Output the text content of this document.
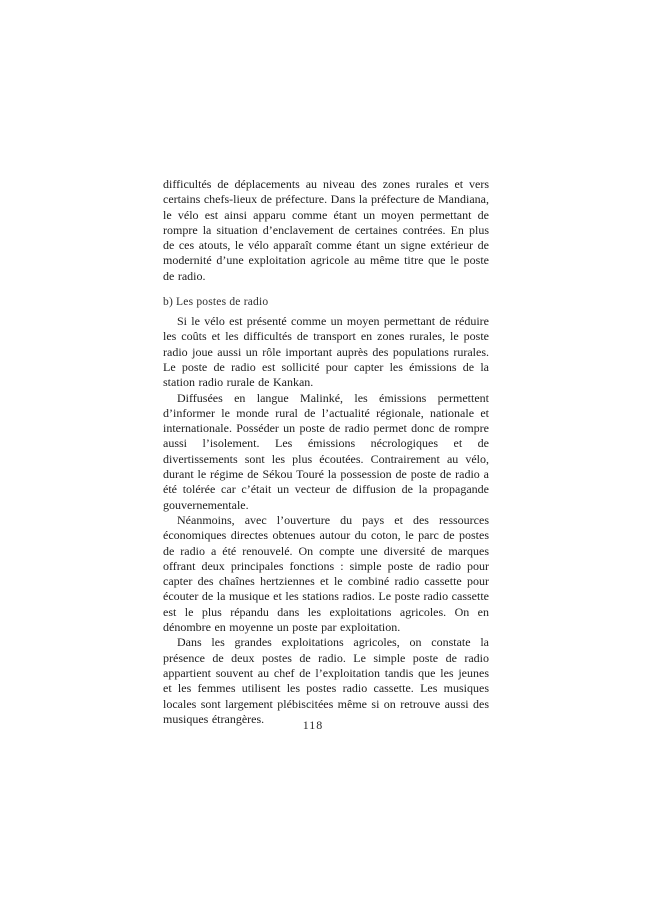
difficultés de déplacements au niveau des zones rurales et vers certains chefs-lieux de préfecture. Dans la préfecture de Mandiana, le vélo est ainsi apparu comme étant un moyen permettant de rompre la situation d’enclavement de certaines contrées. En plus de ces atouts, le vélo apparaît comme étant un signe extérieur de modernité d’une exploitation agricole au même titre que le poste de radio.

b) Les postes de radio

Si le vélo est présenté comme un moyen permettant de réduire les coûts et les difficultés de transport en zones rurales, le poste radio joue aussi un rôle important auprès des populations rurales. Le poste de radio est sollicité pour capter les émissions de la station radio rurale de Kankan.

Diffusées en langue Malinké, les émissions permettent d’informer le monde rural de l’actualité régionale, nationale et internationale. Posséder un poste de radio permet donc de rompre aussi l’isolement. Les émissions nécrologiques et de divertissements sont les plus écoutées. Contrairement au vélo, durant le régime de Sékou Touré la possession de poste de radio a été tolérée car c’était un vecteur de diffusion de la propagande gouvernementale.

Néanmoins, avec l’ouverture du pays et des ressources économiques directes obtenues autour du coton, le parc de postes de radio a été renouvelé. On compte une diversité de marques offrant deux principales fonctions : simple poste de radio pour capter des chaînes hertziennes et le combiné radio cassette pour écouter de la musique et les stations radios. Le poste radio cassette est le plus répandu dans les exploitations agricoles. On en dénombre en moyenne un poste par exploitation.

Dans les grandes exploitations agricoles, on constate la présence de deux postes de radio. Le simple poste de radio appartient souvent au chef de l’exploitation tandis que les jeunes et les femmes utilisent les postes radio cassette. Les musiques locales sont largement plébiscitées même si on retrouve aussi des musiques étrangères.	118
